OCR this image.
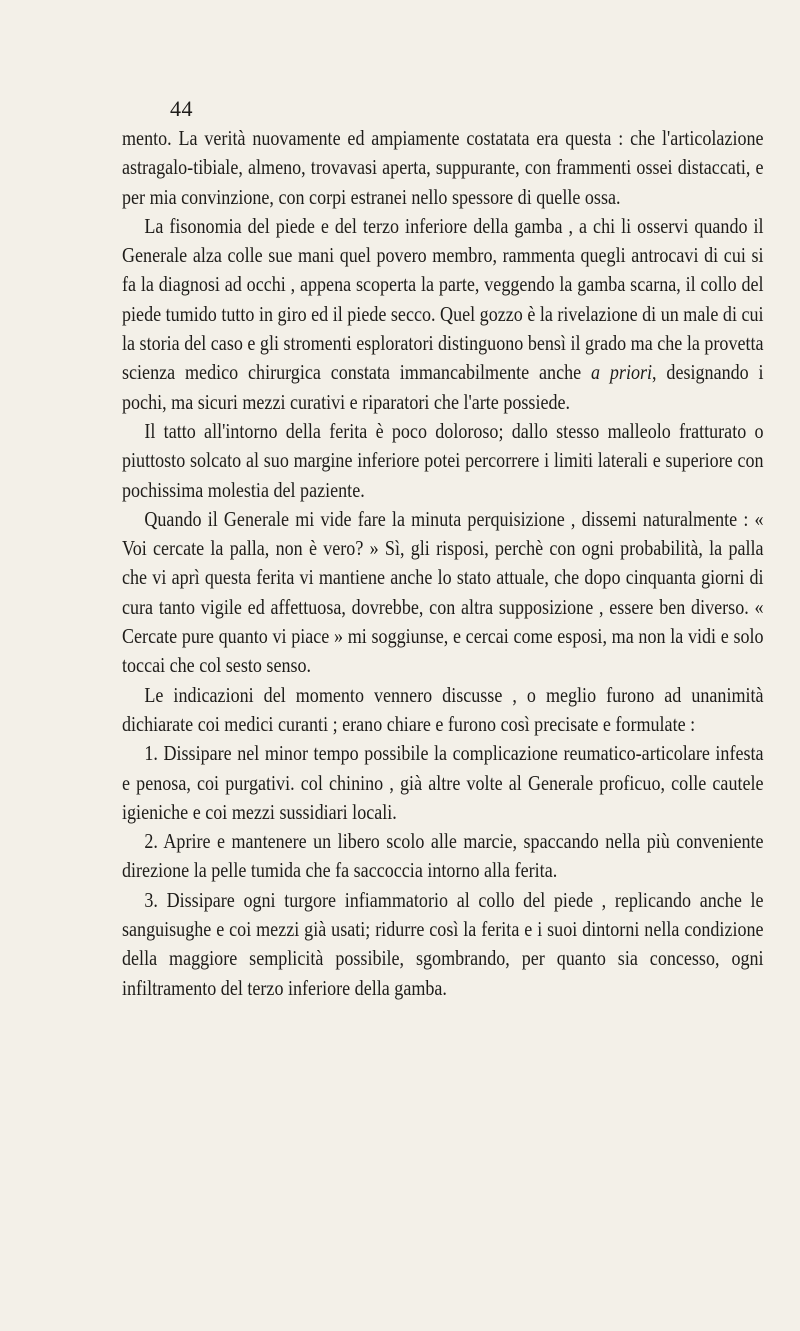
44

mento. La verità nuovamente ed ampiamente costatata era questa : che l'articolazione astragalo-tibiale, almeno, trovavasi aperta, suppurante, con frammenti ossei distaccati, e per mia convinzione, con corpi estranei nello spessore di quelle ossa.

La fisonomia del piede e del terzo inferiore della gamba , a chi li osservi quando il Generale alza colle sue mani quel povero membro, rammenta quegli antrocavi di cui si fa la diagnosi ad occhi , appena scoperta la parte, veggendo la gamba scarna, il collo del piede tumido tutto in giro ed il piede secco. Quel gozzo è la rivelazione di un male di cui la storia del caso e gli stromenti esploratori distinguono bensì il grado ma che la provetta scienza medico chirurgica constata immancabilmente anche a priori, designando i pochi, ma sicuri mezzi curativi e riparatori che l'arte possiede.

Il tatto all'intorno della ferita è poco doloroso; dallo stesso malleolo fratturato o piuttosto solcato al suo margine inferiore potei percorrere i limiti laterali e superiore con pochissima molestia del paziente.

Quando il Generale mi vide fare la minuta perquisizione , dissemi naturalmente : « Voi cercate la palla, non è vero? » Sì, gli risposi, perchè con ogni probabilità, la palla che vi aprì questa ferita vi mantiene anche lo stato attuale, che dopo cinquanta giorni di cura tanto vigile ed affettuosa, dovrebbe, con altra supposizione , essere ben diverso. « Cercate pure quanto vi piace » mi soggiunse, e cercai come esposi, ma non la vidi e solo toccai che col sesto senso.

Le indicazioni del momento vennero discusse , o meglio furono ad unanimità dichiarate coi medici curanti ; erano chiare e furono così precisate e formulate :

1. Dissipare nel minor tempo possibile la complicazione reumatico-articolare infesta e penosa, coi purgativi. col chinino , già altre volte al Generale proficuo, colle cautele igieniche e coi mezzi sussidiari locali.

2. Aprire e mantenere un libero scolo alle marcie, spaccando nella più conveniente direzione la pelle tumida che fa saccoccia intorno alla ferita.

3. Dissipare ogni turgore infiammatorio al collo del piede , replicando anche le sanguisughe e coi mezzi già usati; ridurre così la ferita e i suoi dintorni nella condizione della maggiore semplicità possibile, sgombrando, per quanto sia concesso, ogni infiltramento del terzo inferiore della gamba.
